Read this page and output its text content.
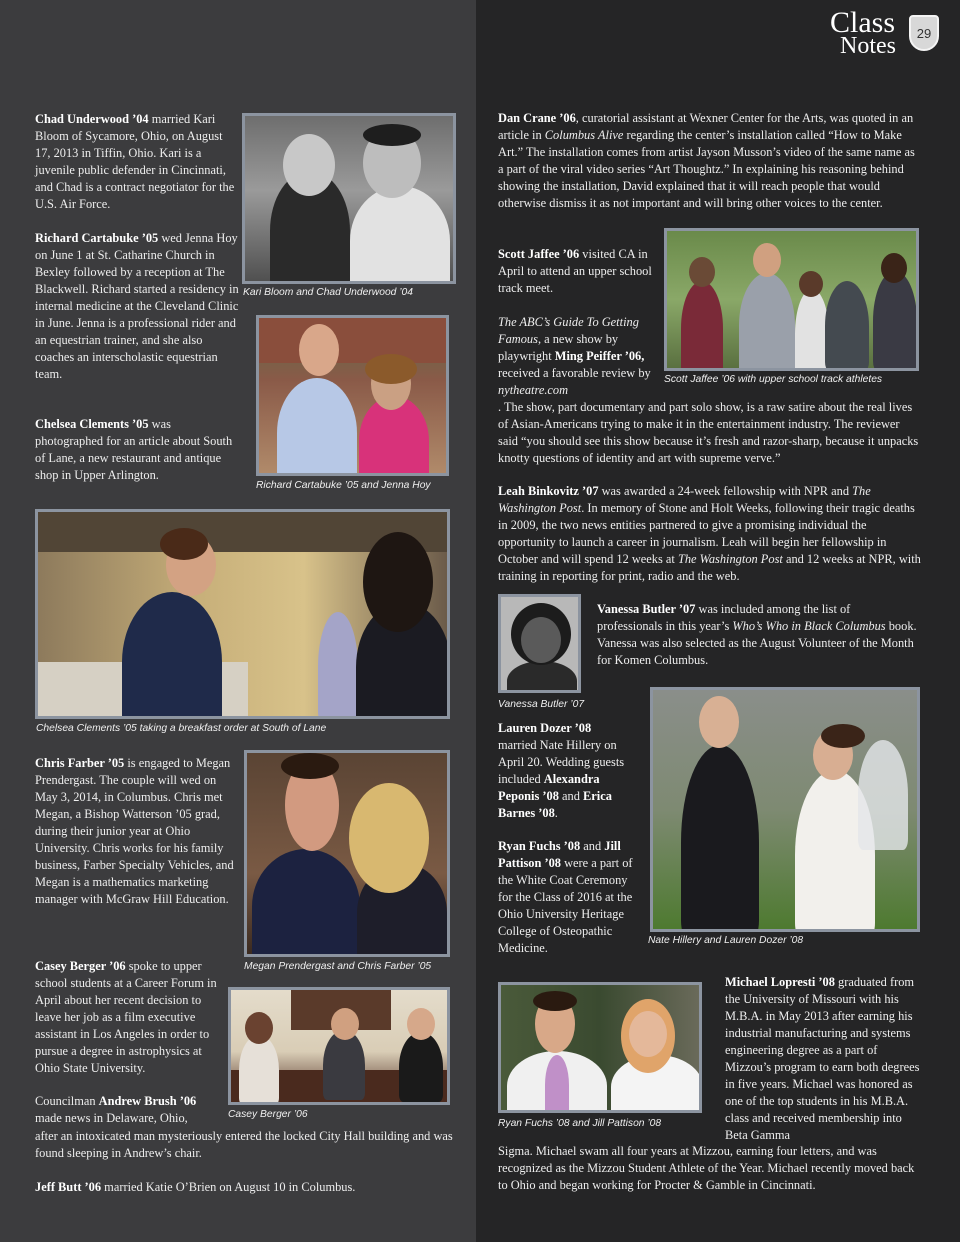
Class
Notes	29
Chad Underwood ’04 married Kari Bloom of Sycamore, Ohio, on August 17, 2013 in Tiffin, Ohio. Kari is a juvenile public defender in Cincinnati, and Chad is a contract negotiator for the U.S. Air Force.
Richard Cartabuke ’05 wed Jenna Hoy on June 1 at St. Catharine Church in Bexley followed by a reception at The Blackwell. Richard started a residency in internal medicine at the Cleveland Clinic in June. Jenna is a professional rider and an equestrian trainer, and she also coaches an interscholastic equestrian team.
Chelsea Clements ’05 was photographed for an article about South of Lane, a new restaurant and antique shop in Upper Arlington.
Chris Farber ’05 is engaged to Megan Prendergast. The couple will wed on May 3, 2014, in Columbus. Chris met Megan, a Bishop Watterson ’05 grad, during their junior year at Ohio University. Chris works for his family business, Farber Specialty Vehicles, and Megan is a mathematics marketing manager with McGraw Hill Education.
Casey Berger ’06 spoke to upper school students at a Career Forum in April about her recent decision to leave her job as a film executive assistant in Los Angeles in order to pursue a degree in astrophysics at Ohio State University.
Councilman Andrew Brush ’06 made news in Delaware, Ohio,
after an intoxicated man mysteriously entered the locked City Hall building and was found sleeping in Andrew’s chair.
Jeff Butt ’06 married Katie O’Brien on August 10 in Columbus.
Kari Bloom and Chad Underwood ’04
Richard Cartabuke ’05 and Jenna Hoy
Chelsea Clements ’05 taking a breakfast order at South of Lane
Megan Prendergast and Chris Farber ’05
Casey Berger ’06
Dan Crane ’06, curatorial assistant at Wexner Center for the Arts, was quoted in an article in Columbus Alive regarding the center’s installation called “How to Make Art.” The installation comes from artist Jayson Musson’s video of the same name as a part of the viral video series “Art Thoughtz.” In explaining his reasoning behind showing the installation, David explained that it will reach people that would otherwise dismiss it as not important and will bring other voices to the center.
Scott Jaffee ’06 visited CA in April to attend an upper school track meet.
The ABC’s Guide To Getting Famous, a new show by playwright Ming Peiffer ’06, received a favorable review by nytheatre.com
. The show, part documentary and part solo show, is a raw satire about the real lives of Asian-Americans trying to make it in the entertainment industry. The reviewer said “you should see this show because it’s fresh and razor-sharp, because it unpacks knotty questions of identity and art with supreme verve.”
Leah Binkovitz ’07 was awarded a 24-week fellowship with NPR and The Washington Post. In memory of Stone and Holt Weeks, following their tragic deaths in 2009, the two news entities partnered to give a promising individual the opportunity to launch a career in journalism. Leah will begin her fellowship in October and will spend 12 weeks at The Washington Post and 12 weeks at NPR, with training in reporting for print, radio and the web.
Vanessa Butler ’07 was included among the list of professionals in this year’s Who’s Who in Black Columbus book. Vanessa was also selected as the August Volunteer of the Month for Komen Columbus.
Lauren Dozer ’08 married Nate Hillery on April 20. Wedding guests included Alexandra Peponis ’08 and Erica Barnes ’08.
Ryan Fuchs ’08 and Jill Pattison ’08 were a part of the White Coat Ceremony for the Class of 2016 at the Ohio University Heritage College of Osteopathic Medicine.
Michael Lopresti ’08 graduated from the University of Missouri with his M.B.A. in May 2013 after earning his industrial manufacturing and systems engineering degree as a part of Mizzou’s program to earn both degrees in five years. Michael was honored as one of the top students in his M.B.A. class and received membership into Beta Gamma
Sigma. Michael swam all four years at Mizzou, earning four letters, and was recognized as the Mizzou Student Athlete of the Year. Michael recently moved back to Ohio and began working for Procter & Gamble in Cincinnati.
Scott Jaffee ’06 with upper school track athletes
Vanessa Butler ’07
Nate Hillery and Lauren Dozer ’08
Ryan Fuchs ’08 and Jill Pattison ’08
